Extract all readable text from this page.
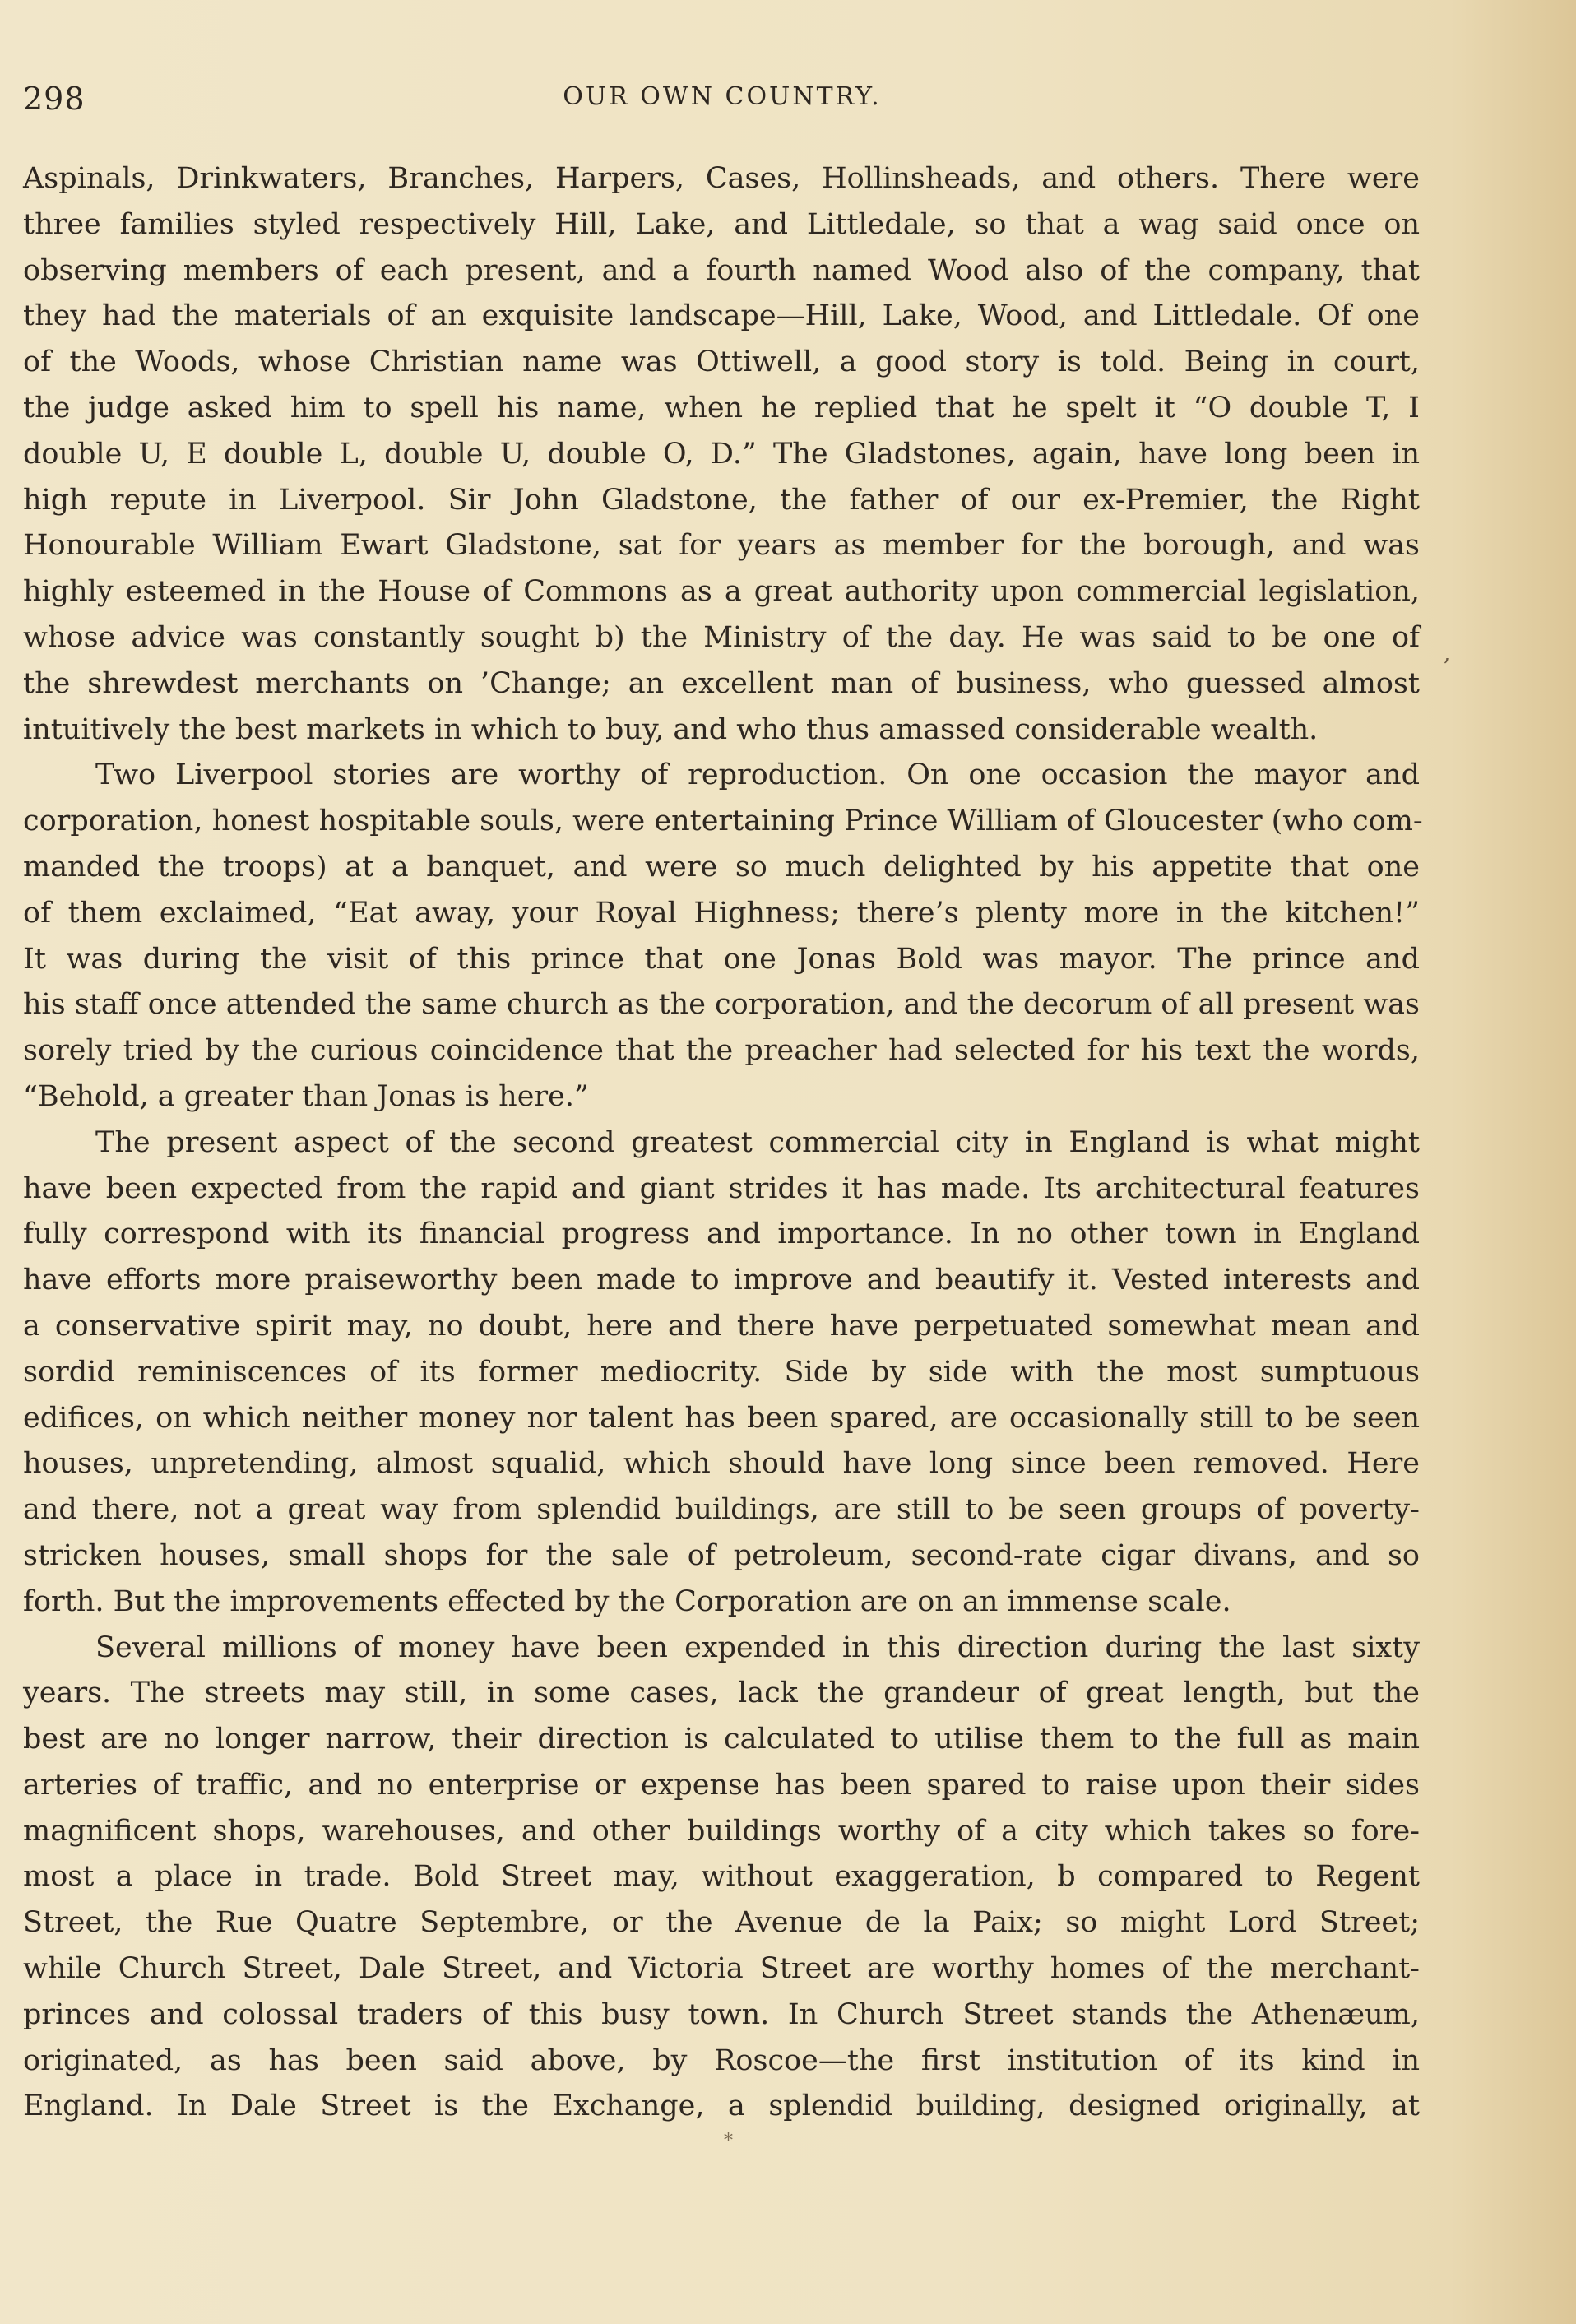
298	OUR OWN COUNTRY.
Aspinals, Drinkwaters, Branches, Harpers, Cases, Hollinsheads, and others. There were
three families styled respectively Hill, Lake, and Littledale, so that a wag said once on
observing members of each present, and a fourth named Wood also of the company, that
they had the materials of an exquisite landscape—Hill, Lake, Wood, and Littledale. Of one
of the Woods, whose Christian name was Ottiwell, a good story is told. Being in court,
the judge asked him to spell his name, when he replied that he spelt it “O double T, I
double U, E double L, double U, double O, D.” The Gladstones, again, have long been in
high repute in Liverpool. Sir John Gladstone, the father of our ex-Premier, the Right
Honourable William Ewart Gladstone, sat for years as member for the borough, and was
highly esteemed in the House of Commons as a great authority upon commercial legislation,
whose advice was constantly sought b) the Ministry of the day. He was said to be one of
the shrewdest merchants on ’Change; an excellent man of business, who guessed almost
intuitively the best markets in which to buy, and who thus amassed considerable wealth.
Two Liverpool stories are worthy of reproduction. On one occasion the mayor and
corporation, honest hospitable souls, were entertaining Prince William of Gloucester (who com-
manded the troops) at a banquet, and were so much delighted by his appetite that one
of them exclaimed, “Eat away, your Royal Highness; there’s plenty more in the kitchen!”
It was during the visit of this prince that one Jonas Bold was mayor. The prince and
his staff once attended the same church as the corporation, and the decorum of all present was
sorely tried by the curious coincidence that the preacher had selected for his text the words,
“Behold, a greater than Jonas is here.”
The present aspect of the second greatest commercial city in England is what might
have been expected from the rapid and giant strides it has made. Its architectural features
fully correspond with its financial progress and importance. In no other town in England
have efforts more praiseworthy been made to improve and beautify it. Vested interests and
a conservative spirit may, no doubt, here and there have perpetuated somewhat mean and
sordid reminiscences of its former mediocrity. Side by side with the most sumptuous
edifices, on which neither money nor talent has been spared, are occasionally still to be seen
houses, unpretending, almost squalid, which should have long since been removed. Here
and there, not a great way from splendid buildings, are still to be seen groups of poverty-
stricken houses, small shops for the sale of petroleum, second-rate cigar divans, and so
forth. But the improvements effected by the Corporation are on an immense scale.
Several millions of money have been expended in this direction during the last sixty
years. The streets may still, in some cases, lack the grandeur of great length, but the
best are no longer narrow, their direction is calculated to utilise them to the full as main
arteries of traffic, and no enterprise or expense has been spared to raise upon their sides
magnificent shops, warehouses, and other buildings worthy of a city which takes so fore-
most a place in trade. Bold Street may, without exaggeration, b compared to Regent
Street, the Rue Quatre Septembre, or the Avenue de la Paix; so might Lord Street;
while Church Street, Dale Street, and Victoria Street are worthy homes of the merchant-
princes and colossal traders of this busy town. In Church Street stands the Athenæum,
originated, as has been said above, by Roscoe—the first institution of its kind in
England. In Dale Street is the Exchange, a splendid building, designed originally, at
,
*
